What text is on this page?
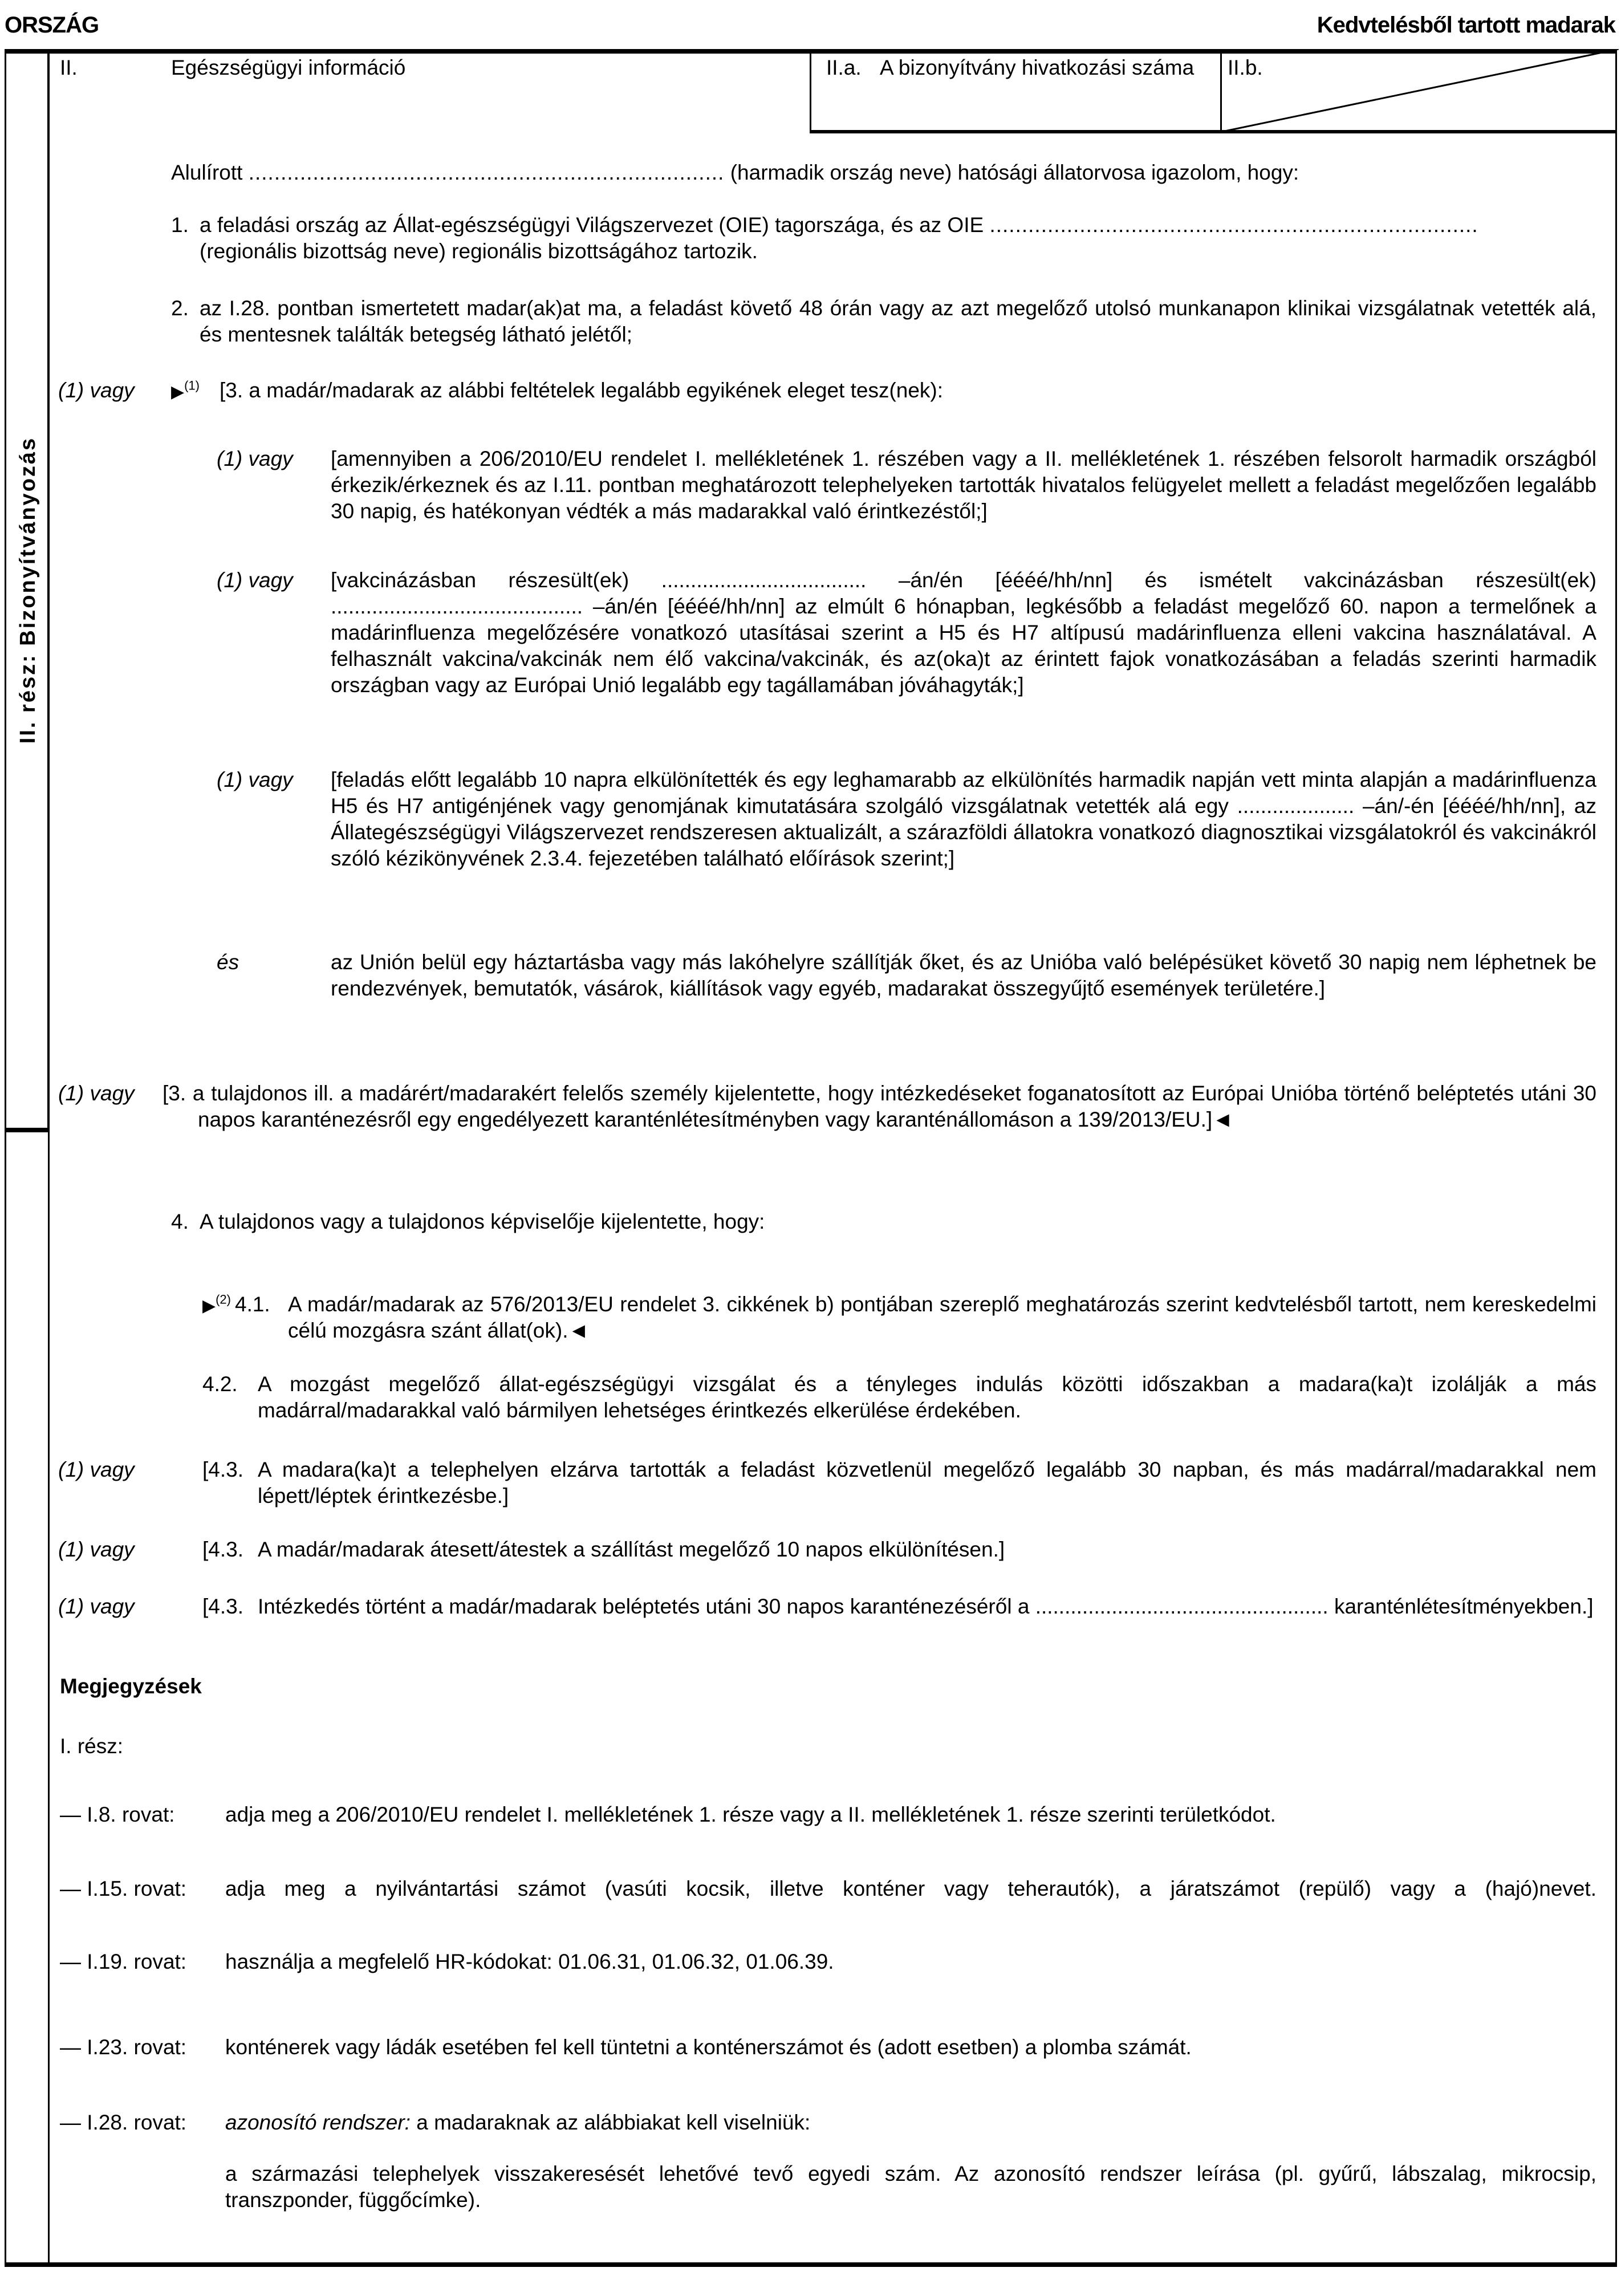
ORSZÁG	Kedvtelésből tartott madarak
II. rész: Bizonyítványozás
II.	Egészségügyi információ	II.a. A bizonyítvány hivatkozási száma	II.b.
Alulírott .......................................................................... (harmadik ország neve) hatósági állatorvosa igazolom, hogy:
1. a feladási ország az Állat-egészségügyi Világszervezet (OIE) tagországa, és az OIE ............................................................................
(regionális bizottság neve) regionális bizottságához tartozik.
2. az I.28. pontban ismertetett madar(ak)at ma, a feladást követő 48 órán vagy az azt megelőző utolsó munkanapon klinikai vizsgálatnak vetették alá, és mentesnek találták betegség látható jelétől;
(1) vagy ▶$^{(1)}$ [3. a madár/madarak az alábbi feltételek legalább egyikének eleget tesz(nek):
(1) vagy [amennyiben a 206/2010/EU rendelet I. mellékletének 1. részében vagy a II. mellékletének 1. részében felsorolt harmadik országból érkezik/érkeznek és az I.11. pontban meghatározott telephelyeken tartották hivatalos felügyelet mellett a feladást megelőzően legalább 30 napig, és hatékonyan védték a más madarakkal való érintkezéstől;]
(1) vagy [vakcinázásban részesült(ek) ................................... –án/én [éééé/hh/nn] és ismételt vakcinázásban részesült(ek) ........................................... –án/én [éééé/hh/nn] az elmúlt 6 hónapban, legkésőbb a feladást megelőző 60. napon a termelőnek a madárinfluenza megelőzésére vonatkozó utasításai szerint a H5 és H7 altípusú madárinfluenza elleni vakcina használatával. A felhasznált vakcina/vakcinák nem élő vakcina/vakcinák, és az(oka)t az érintett fajok vonatkozásában a feladás szerinti harmadik országban vagy az Európai Unió legalább egy tagállamában jóváhagyták;]
(1) vagy [feladás előtt legalább 10 napra elkülönítették és egy leghamarabb az elkülönítés harmadik napján vett minta alapján a madárinfluenza H5 és H7 antigénjének vagy genomjának kimutatására szolgáló vizsgálatnak vetették alá egy .................... –án/-én [éééé/hh/nn], az Állategészségügyi Világszervezet rendszeresen aktualizált, a szárazföldi állatokra vonatkozó diagnosztikai vizsgálatokról és vakcinákról szóló kézikönyvének 2.3.4. fejezetében található előírások szerint;]
és	az Unión belül egy háztartásba vagy más lakóhelyre szállítják őket, és az Unióba való belépésüket követő 30 napig nem léphetnek be rendezvények, bemutatók, vásárok, kiállítások vagy egyéb, madarakat összegyűjtő események területére.]
(1) vagy [3. a tulajdonos ill. a madárért/madarakért felelős személy kijelentette, hogy intézkedéseket foganatosított az Európai Unióba történő beléptetés utáni 30 napos karanténezésről egy engedélyezett karanténlétesítményben vagy karanténállomáson a 139/2013/EU.]◄
4. A tulajdonos vagy a tulajdonos képviselője kijelentette, hogy:
▶$^{(2)}$ 4.1. A madár/madarak az 576/2013/EU rendelet 3. cikkének b) pontjában szereplő meghatározás szerint kedvtelésből tartott, nem kereskedelmi célú mozgásra szánt állat(ok).◄
4.2. A mozgást megelőző állat-egészségügyi vizsgálat és a tényleges indulás közötti időszakban a madara(ka)t izolálják a más madárral/madarakkal való bármilyen lehetséges érintkezés elkerülése érdekében.
(1) vagy	[4.3. A madara(ka)t a telephelyen elzárva tartották a feladást közvetlenül megelőző legalább 30 napban, és más madárral/madarakkal nem lépett/léptek érintkezésbe.]
(1) vagy	[4.3. A madár/madarak átesett/átestek a szállítást megelőző 10 napos elkülönítésen.]
(1) vagy	[4.3. Intézkedés történt a madár/madarak beléptetés utáni 30 napos karanténezéséről a .................................................. karanténlétesítményekben.]
Megjegyzések
I. rész:
— I.8. rovat: adja meg a 206/2010/EU rendelet I. mellékletének 1. része vagy a II. mellékletének 1. része szerinti területkódot.
— I.15. rovat: adja meg a nyilvántartási számot (vasúti kocsik, illetve konténer vagy teherautók), a járatszámot (repülő) vagy a (hajó)nevet.
— I.19. rovat: használja a megfelelő HR-kódokat: 01.06.31, 01.06.32, 01.06.39.
— I.23. rovat: konténerek vagy ládák esetében fel kell tüntetni a konténerszámot és (adott esetben) a plomba számát.
— I.28. rovat: azonosító rendszer: a madaraknak az alábbiakat kell viselniük:
a származási telephelyek visszakeresését lehetővé tevő egyedi szám. Az azonosító rendszer leírása (pl. gyűrű, lábszalag, mikrocsip, transzponder, függőcímke).
